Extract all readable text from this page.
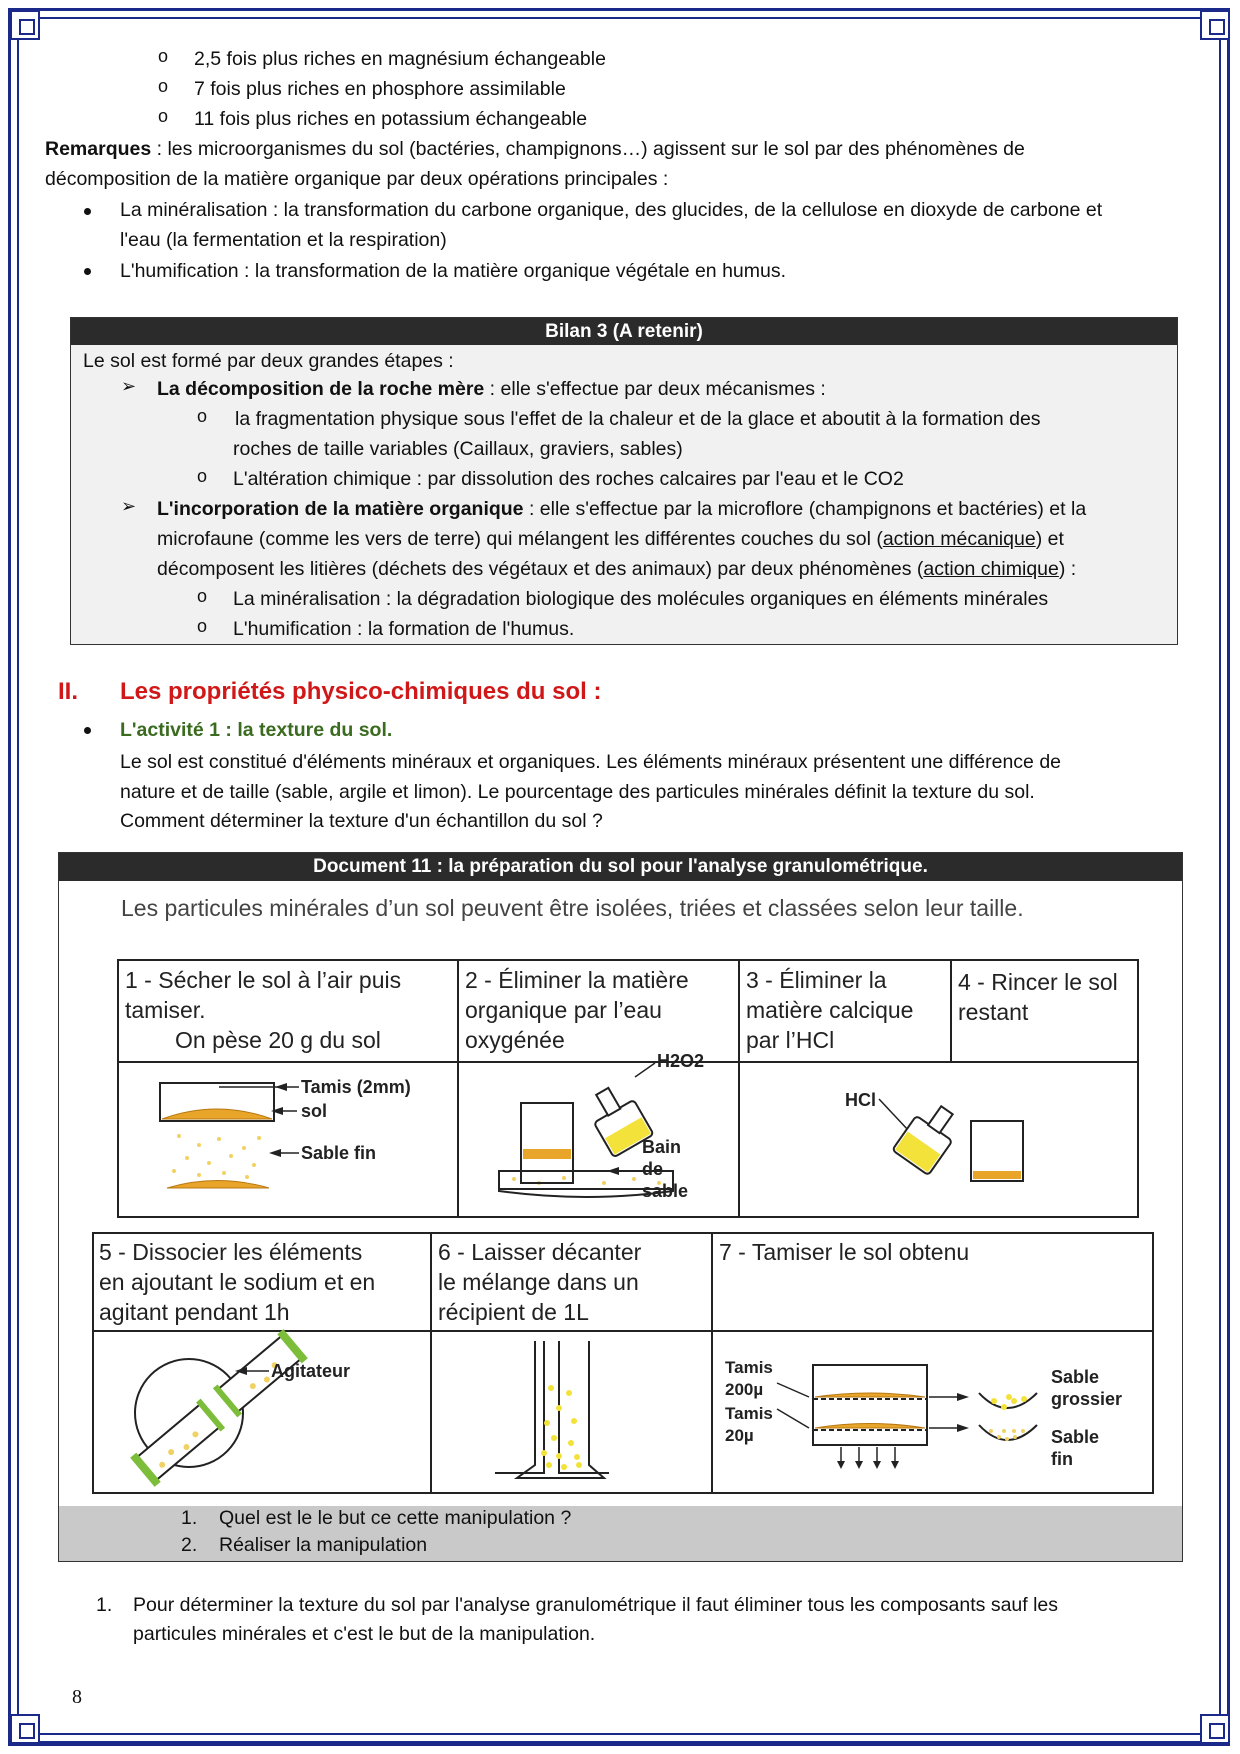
o 2,5 fois plus riches en magnésium échangeable
o 7 fois plus riches en phosphore assimilable
o 11 fois plus riches en potassium échangeable
Remarques : les microorganismes du sol (bactéries, champignons…) agissent sur le sol par des phénomènes de
décomposition de la matière organique par deux opérations principales :
La minéralisation : la transformation du carbone organique, des glucides, de la cellulose en dioxyde de carbone et
l'eau (la fermentation et la respiration)
L'humification : la transformation de la matière organique végétale en humus.
Bilan 3 (A retenir)
Le sol est formé par deux grandes étapes :
➢ La décomposition de la roche mère : elle s'effectue par deux mécanismes :
o la fragmentation physique sous l'effet de la chaleur et de la glace et aboutit à la formation des
roches de taille variables (Caillaux, graviers, sables)
o L'altération chimique : par dissolution des roches calcaires par l'eau et le CO2
➢ L'incorporation de la matière organique : elle s'effectue par la microflore (champignons et bactéries) et la
microfaune (comme les vers de terre) qui mélangent les différentes couches du sol (action mécanique) et
décomposent les litières (déchets des végétaux et des animaux) par deux phénomènes (action chimique) :
o La minéralisation : la dégradation biologique des molécules organiques en éléments minérales
o L'humification : la formation de l'humus.
II. Les propriétés physico-chimiques du sol :
L'activité 1 : la texture du sol.
Le sol est constitué d'éléments minéraux et organiques. Les éléments minéraux présentent une différence de
nature et de taille (sable, argile et limon). Le pourcentage des particules minérales définit la texture du sol.
Comment déterminer la texture d'un échantillon du sol ?
Document 11 : la préparation du sol pour l'analyse granulométrique.
Les particules minérales d’un sol peuvent être isolées, triées et classées selon leur taille.
Tamis (2mm)
sol
Sable fin
H2O2
Bain
de
sable
HCl
Agitateur	Tamis
200µ
Tamis
20µ
Sable
grossier
Sable
fin
1 - Sécher le sol à l’air puis
tamiser.
On pèse 20 g du sol
2 - Éliminer la matière
organique par l’eau
oxygénée
3 - Éliminer la
matière calcique
par l’HCl
4 - Rincer le sol
restant
5 - Dissocier les éléments
en ajoutant le sodium et en
agitant pendant 1h
6 - Laisser décanter
le mélange dans un
récipient de 1L
7 - Tamiser le sol obtenu
1. Quel est le le but ce cette manipulation ?
2. Réaliser la manipulation
1. Pour déterminer la texture du sol par l'analyse granulométrique il faut éliminer tous les composants sauf les
particules minérales et c'est le but de la manipulation.
8
